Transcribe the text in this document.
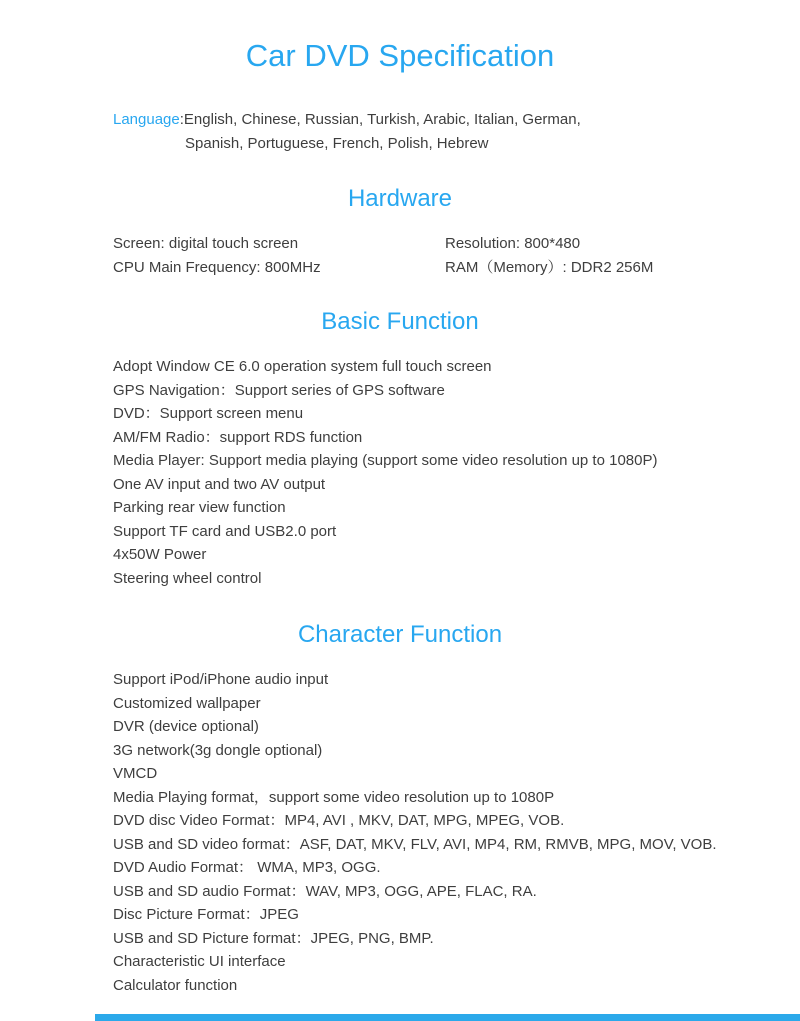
Car DVD Specification
Language:English, Chinese, Russian, Turkish, Arabic, Italian, German,
Spanish, Portuguese, French, Polish, Hebrew
Hardware
Screen: digital touch screen	Resolution: 800*480
CPU Main Frequency: 800MHz	RAM（Memory）: DDR2 256M
Basic Function
Adopt Window CE 6.0 operation system full touch screen
GPS Navigation：Support series of GPS software
DVD：Support screen menu
AM/FM Radio：support RDS function
Media Player: Support media playing (support some video resolution up to 1080P)
One AV input and two AV output
Parking rear view function
Support TF card and USB2.0 port
4x50W Power
Steering wheel control
Character Function
Support iPod/iPhone audio input
Customized wallpaper
DVR (device optional)
3G network(3g dongle optional)
VMCD
Media Playing format，support some video resolution up to 1080P
DVD disc Video Format：MP4, AVI , MKV, DAT, MPG, MPEG, VOB.
USB and SD video format：ASF, DAT, MKV, FLV, AVI, MP4, RM, RMVB, MPG, MOV, VOB.
DVD Audio Format： WMA, MP3, OGG.
USB and SD audio Format：WAV, MP3, OGG, APE, FLAC, RA.
Disc Picture Format：JPEG
USB and SD Picture format：JPEG, PNG, BMP.
Characteristic UI interface
Calculator function
